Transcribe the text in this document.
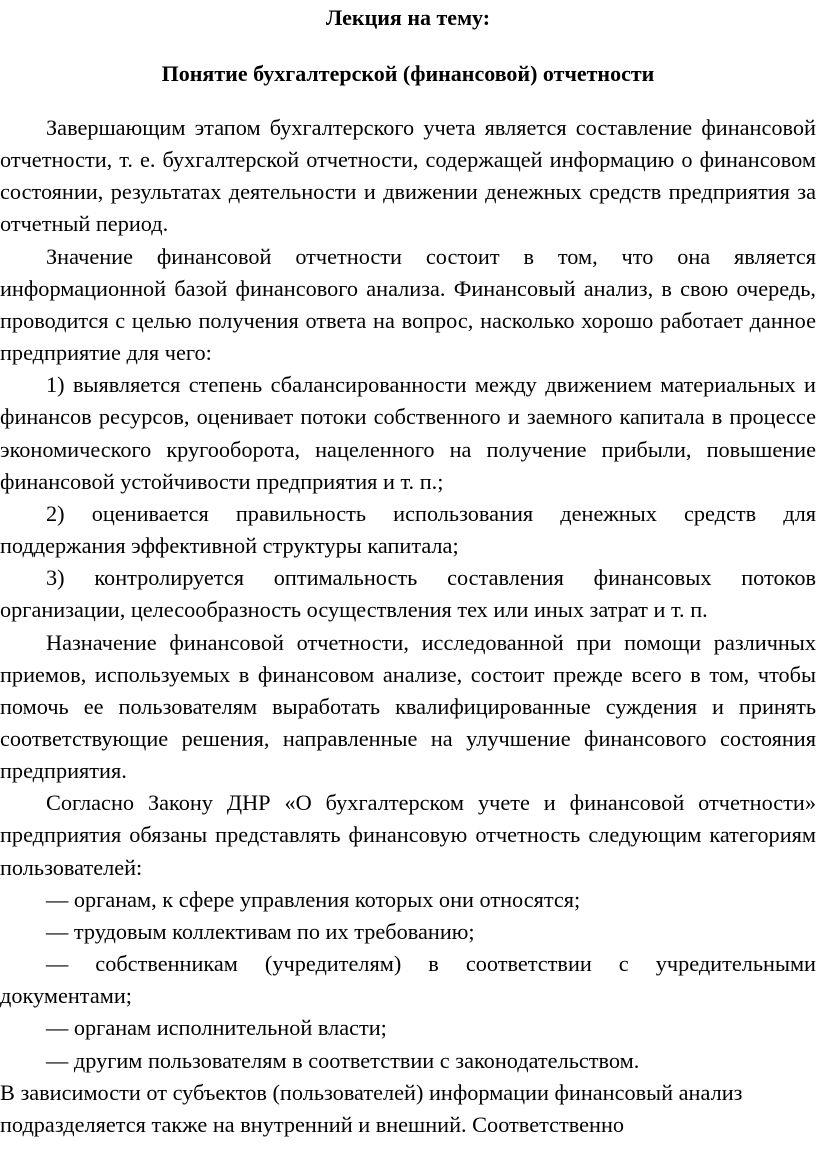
Лекция на тему:
Понятие бухгалтерской (финансовой) отчетности

Завершающим этапом бухгалтерского учета является составление финансовой отчетности, т. е. бухгалтерской отчетности, содержащей информацию о финансовом состоянии, результатах деятельности и движении денежных средств предприятия за отчетный период.

Значение финансовой отчетности состоит в том, что она является информационной базой финансового анализа. Финансовый анализ, в свою очередь, проводится с целью получения ответа на вопрос, насколько хорошо работает данное предприятие для чего:

1) выявляется степень сбалансированности между движением материальных и финансов ресурсов, оценивает потоки собственного и заемного капитала в процессе экономического кругооборота, нацеленного на получение прибыли, повышение финансовой устойчивости предприятия и т. п.;

2) оценивается правильность использования денежных средств для поддержания эффективной структуры капитала;

3) контролируется оптимальность составления финансовых потоков организации, целесообразность осуществления тех или иных затрат и т. п.

Назначение финансовой отчетности, исследованной при помощи различных приемов, используемых в финансовом анализе, состоит прежде всего в том, чтобы помочь ее пользователям выработать квалифицированные суждения и принять соответствующие решения, направленные на улучшение финансового состояния предприятия.

Согласно Закону ДНР «О бухгалтерском учете и финансовой отчетности» предприятия обязаны представлять финансовую отчетность следующим категориям пользователей:

— органам, к сфере управления которых они относятся;

— трудовым коллективам по их требованию;

— собственникам (учредителям) в соответствии с учредительными документами;

— органам исполнительной власти;

— другим пользователям в соответствии с законодательством.

В зависимости от субъектов (пользователей) информации финансовый анализ подразделяется также на внутренний и внешний. Соответственно
